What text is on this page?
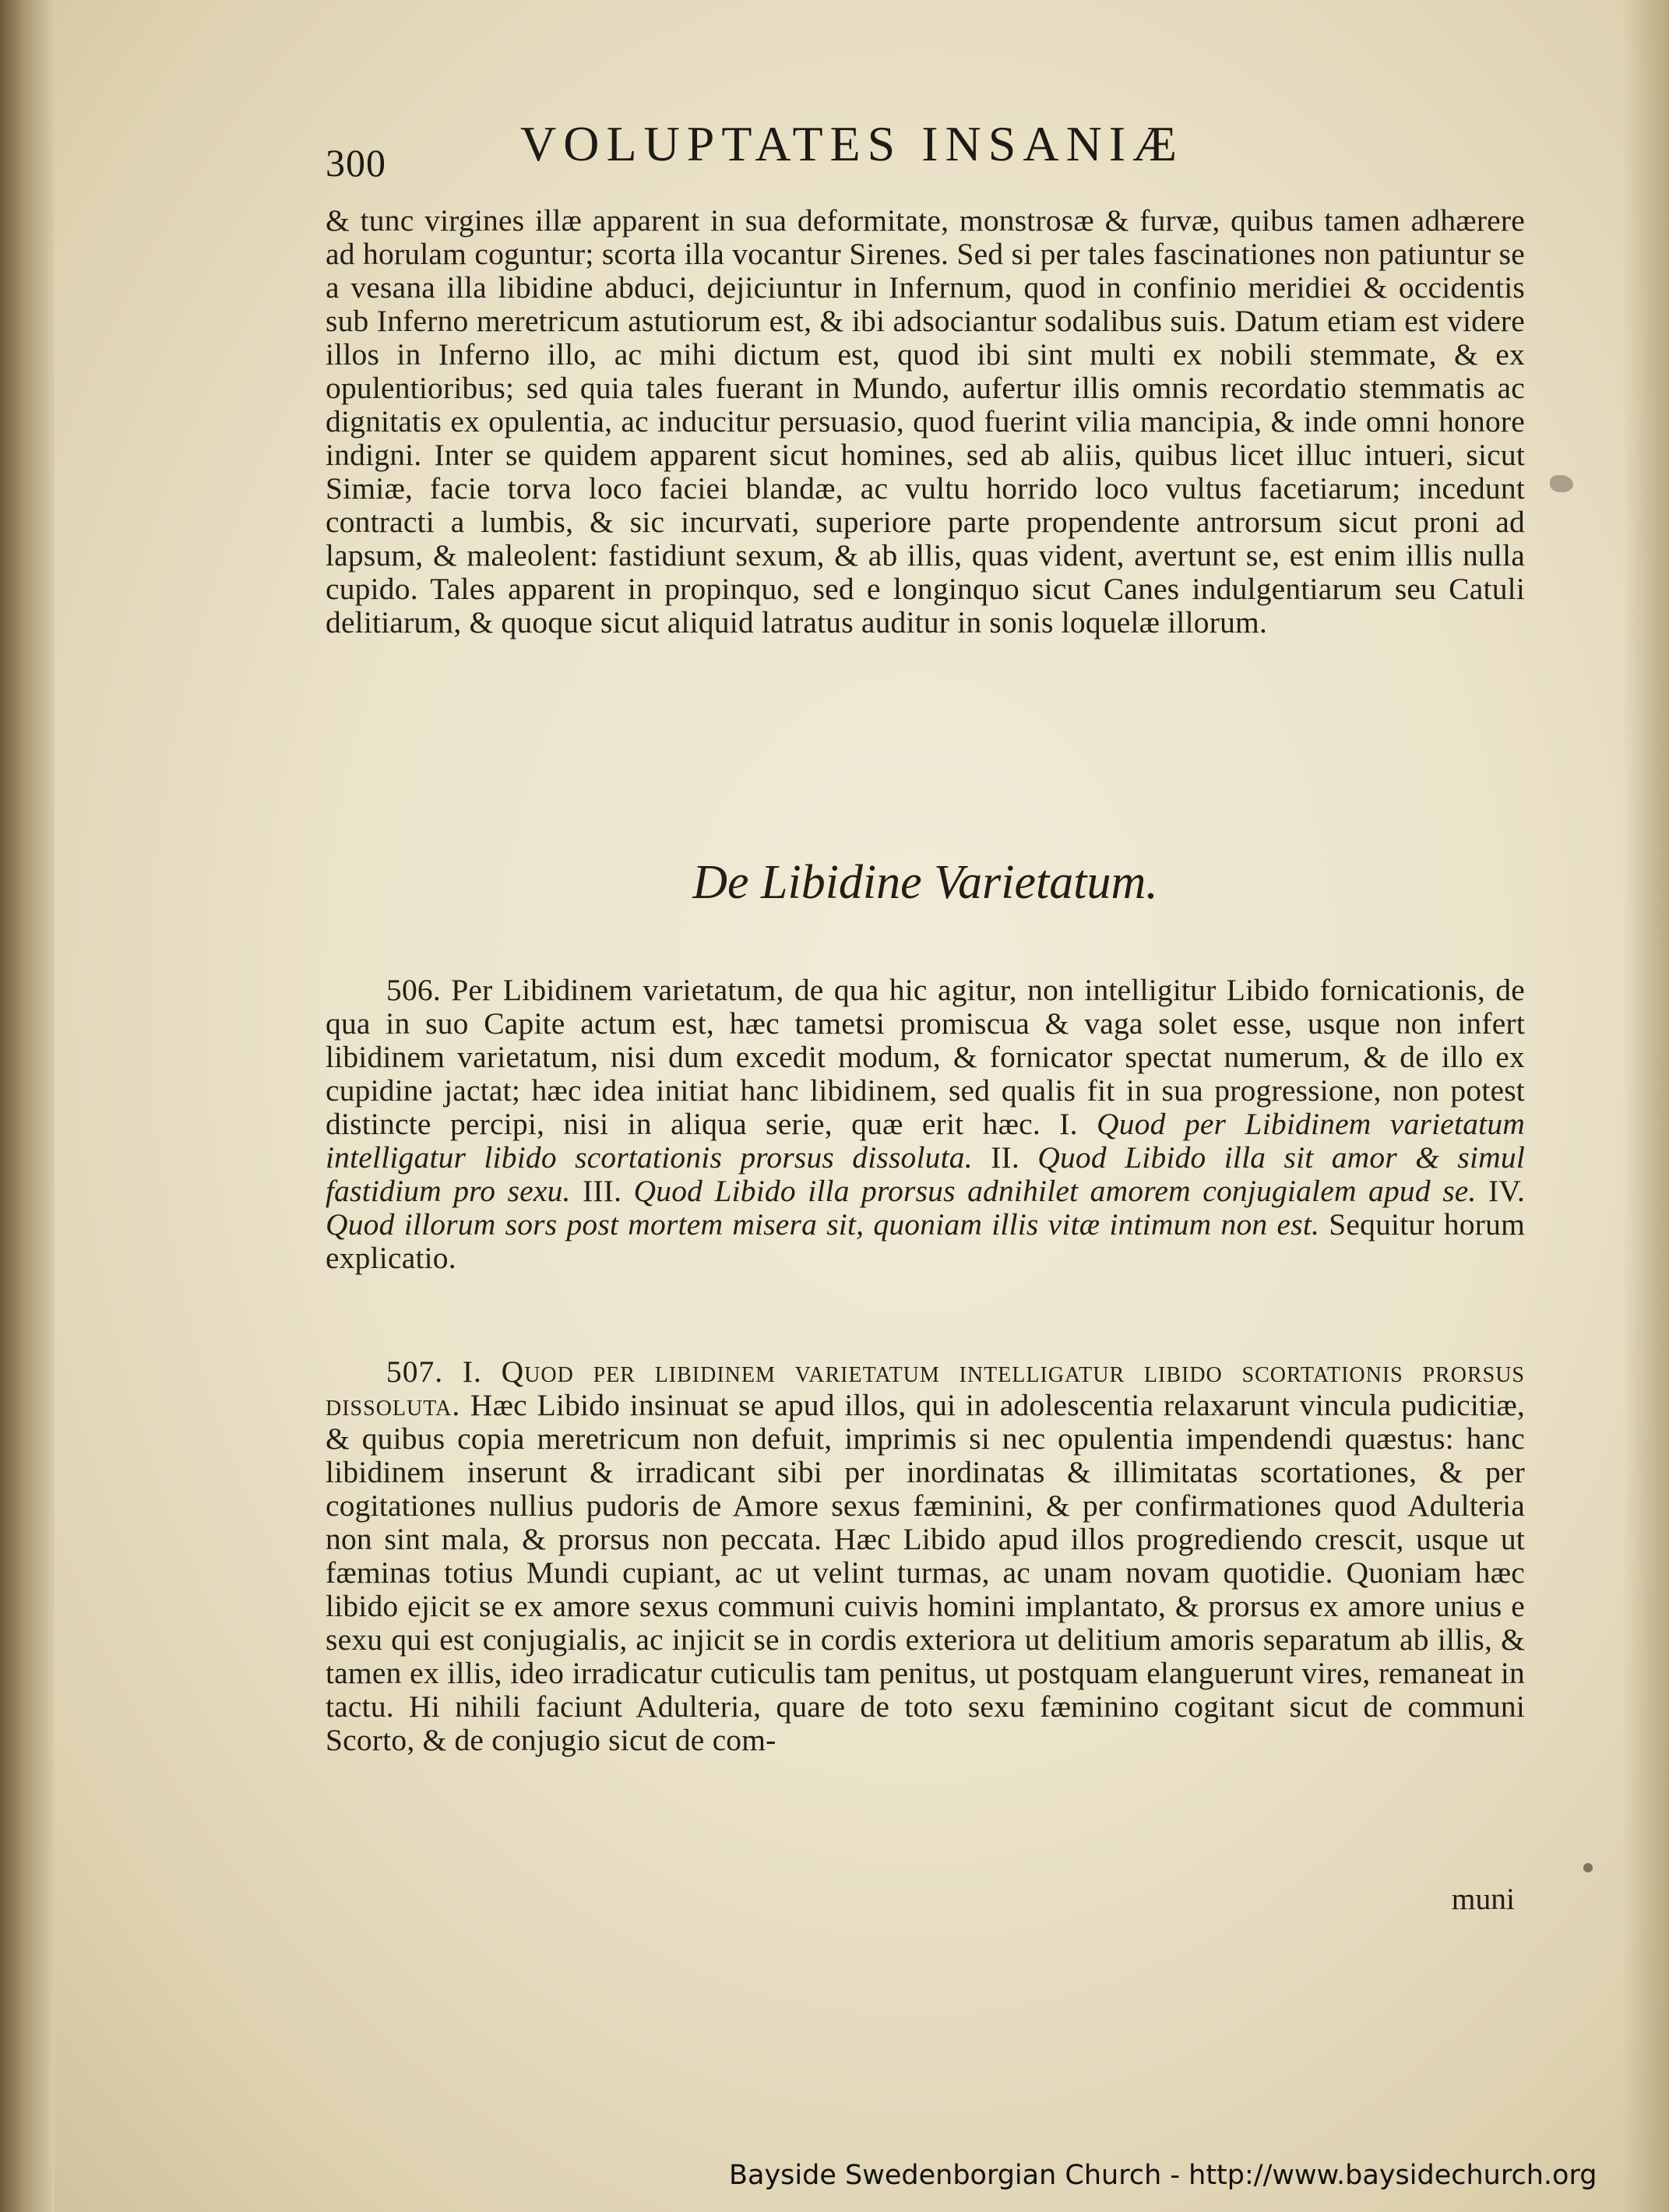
300	VOLUPTATES INSANIÆ
& tunc virgines illæ apparent in sua deformitate, monstrosæ & furvæ, quibus tamen adhærere ad horulam coguntur; scorta illa vocantur Sirenes. Sed si per tales fascinationes non patiuntur se a vesana illa libidine abduci, dejiciuntur in Infernum, quod in confinio meridiei & occidentis sub Inferno meretricum astutiorum est, & ibi adsociantur sodalibus suis. Datum etiam est videre illos in Inferno illo, ac mihi dictum est, quod ibi sint multi ex nobili stemmate, & ex opulentioribus; sed quia tales fuerant in Mundo, aufertur illis omnis recordatio stemmatis ac dignitatis ex opulentia, ac inducitur persuasio, quod fuerint vilia mancipia, & inde omni honore indigni. Inter se quidem apparent sicut homines, sed ab aliis, quibus licet illuc intueri, sicut Simiæ, facie torva loco faciei blandæ, ac vultu horrido loco vultus facetiarum; incedunt contracti a lumbis, & sic incurvati, superiore parte propendente antrorsum sicut proni ad lapsum, & maleolent: fastidiunt sexum, & ab illis, quas vident, avertunt se, est enim illis nulla cupido. Tales apparent in propinquo, sed e longinquo sicut Canes indulgentiarum seu Catuli delitiarum, & quoque sicut aliquid latratus auditur in sonis loquelæ illorum.
De Libidine Varietatum.
506. Per Libidinem varietatum, de qua hic agitur, non intelligitur Libido fornicationis, de qua in suo Capite actum est, hæc tametsi promiscua & vaga solet esse, usque non infert libidinem varietatum, nisi dum excedit modum, & fornicator spectat numerum, & de illo ex cupidine jactat; hæc idea initiat hanc libidinem, sed qualis fit in sua progressione, non potest distincte percipi, nisi in aliqua serie, quæ erit hæc. I. Quod per Libidinem varietatum intelligatur libido scortationis prorsus dissoluta. II. Quod Libido illa sit amor & simul fastidium pro sexu. III. Quod Libido illa prorsus adnihilet amorem conjugialem apud se. IV. Quod illorum sors post mortem misera sit, quoniam illis vitæ intimum non est. Sequitur horum explicatio.
507. I. Quod per libidinem varietatum intelligatur libido scortationis prorsus dissoluta. Hæc Libido insinuat se apud illos, qui in adolescentia relaxarunt vincula pudicitiæ, & quibus copia meretricum non defuit, imprimis si nec opulentia impendendi quæstus: hanc libidinem inserunt & irradicant sibi per inordinatas & illimitatas scortationes, & per cogitationes nullius pudoris de Amore sexus fæminini, & per confirmationes quod Adulteria non sint mala, & prorsus non peccata. Hæc Libido apud illos progrediendo crescit, usque ut fæminas totius Mundi cupiant, ac ut velint turmas, ac unam novam quotidie. Quoniam hæc libido ejicit se ex amore sexus communi cuivis homini implantato, & prorsus ex amore unius e sexu qui est conjugialis, ac injicit se in cordis exteriora ut delitium amoris separatum ab illis, & tamen ex illis, ideo irradicatur cuticulis tam penitus, ut postquam elanguerunt vires, remaneat in tactu. Hi nihili faciunt Adulteria, quare de toto sexu fæminino cogitant sicut de communi Scorto, & de conjugio sicut de com-
muni
Bayside Swedenborgian Church - http://www.baysidechurch.org
